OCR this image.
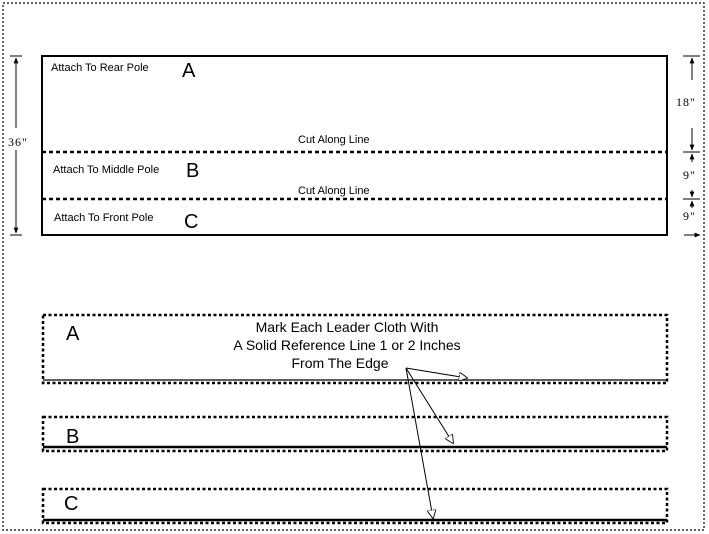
Attach To Rear Pole A
Cut Along Line
Attach To Middle Pole B
Cut Along Line
Attach To Front Pole C
36"
18"
9"
9"
A	Mark Each Leader Cloth With
A Solid Reference Line 1 or 2 Inches
From The Edge
B
C
